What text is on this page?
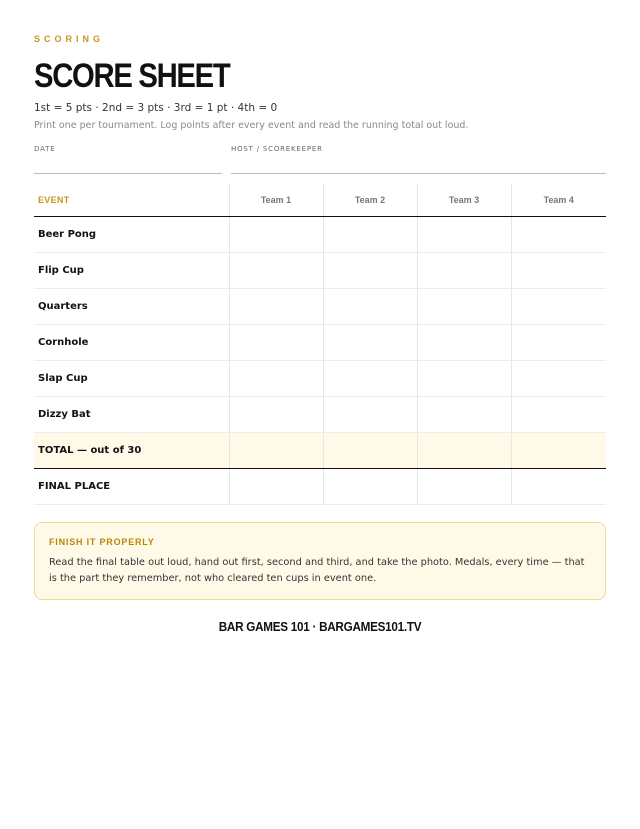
SCORING
SCORE SHEET
1st = 5 pts · 2nd = 3 pts · 3rd = 1 pt · 4th = 0
Print one per tournament. Log points after every event and read the running total out loud.
DATE	HOST / SCOREKEEPER
EVENT	Team 1	Team 2	Team 3	Team 4
Beer Pong				
Flip Cup				
Quarters				
Cornhole				
Slap Cup				
Dizzy Bat				
TOTAL — out of 30				
FINAL PLACE				
FINISH IT PROPERLY
Read the final table out loud, hand out first, second and third, and take the photo. Medals, every time — that is the part they remember, not who cleared ten cups in event one.
BAR GAMES 101 · BARGAMES101.TV
